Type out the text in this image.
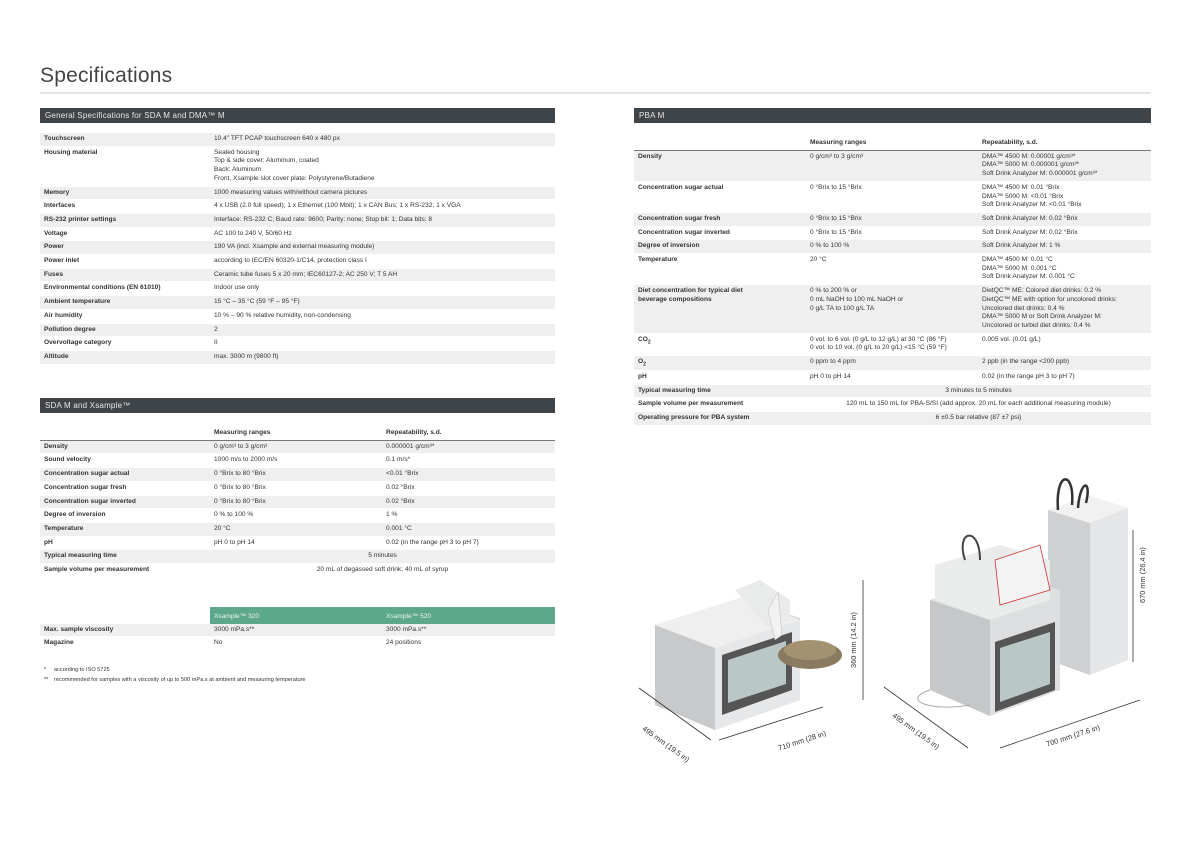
Specifications
General Specifications for SDA M and DMA™ M
Touchscreen	10.4" TFT PCAP touchscreen 640 x 480 px
Housing material	Sealed housing
Top & side cover: Aluminum, coated
Back: Aluminum
Front, Xsample slot cover plate: Polystyrene/Butadiene
Memory	1000 measuring values with/without camera pictures
Interfaces	4 x USB (2.0 full speed); 1 x Ethernet (100 Mbit); 1 x CAN Bus; 1 x RS-232; 1 x VGA
RS-232 printer settings	Interface: RS-232 C; Baud rate: 9600; Parity: none; Stop bit: 1; Data bits: 8
Voltage	AC 100 to 240 V, 50/60 Hz
Power	190 VA (incl. Xsample and external measuring module)
Power inlet	according to IEC/EN 60320-1/C14, protection class I
Fuses	Ceramic tube fuses 5 x 20 mm; IEC60127-2; AC 250 V; T 5 AH
Environmental conditions (EN 61010)	Indoor use only
Ambient temperature	15 °C – 35 °C (59 °F – 95 °F)
Air humidity	10 % – 90 % relative humidity, non-condensing
Pollution degree	2
Overvoltage category	II
Altitude	max. 3000 m (9800 ft)
SDA M and Xsample™
	Measuring ranges	Repeatability, s.d.
Density	0 g/cm³ to 3 g/cm³	0.000001 g/cm³*
Sound velocity	1000 m/s to 2000 m/s	0.1 m/s*
Concentration sugar actual	0 °Brix to 80 °Brix	<0.01 °Brix
Concentration sugar fresh	0 °Brix to 80 °Brix	0.02 °Brix
Concentration sugar inverted	0 °Brix to 80 °Brix	0.02 °Brix
Degree of inversion	0 % to 100 %	1 %
Temperature	20 °C	0.001 °C
pH	pH 0 to pH 14	0.02 (in the range pH 3 to pH 7)
Typical measuring time	5 minutes	
Sample volume per measurement	20 mL of degassed soft drink; 40 mL of syrup	
	Xsample™ 320	Xsample™ 520
Max. sample viscosity	3000 mPa.s**	3000 mPa.s**
Magazine	No	24 positions
* according to ISO 5725
** recommended for samples with a viscosity of up to 500 mPa.s at ambient and measuring temperature
PBA M
	Measuring ranges	Repeatability, s.d.
Density	0 g/cm³ to 3 g/cm³	DMA™ 4500 M: 0.00001 g/cm³*
DMA™ 5000 M: 0.000001 g/cm³*
Soft Drink Analyzer M: 0.000001 g/cm³*
Concentration sugar actual	0 °Brix to 15 °Brix	DMA™ 4500 M: 0.01 °Brix
DMA™ 5000 M: <0.01 °Brix
Soft Drink Analyzer M: <0.01 °Brix
Concentration sugar fresh	0 °Brix to 15 °Brix	Soft Drink Analyzer M: 0.02 °Brix
Concentration sugar inverted	0 °Brix to 15 °Brix	Soft Drink Analyzer M: 0.02 °Brix
Degree of inversion	0 % to 100 %	Soft Drink Analyzer M: 1 %
Temperature	20 °C	DMA™ 4500 M: 0.01 °C
DMA™ 5000 M: 0.001 °C
Soft Drink Analyzer M: 0.001 °C
Diet concentration for typical diet
beverage compositions	0 % to 200 % or
0 mL NaOH to 100 mL NaOH or
0 g/L TA to 100 g/L TA	DietQC™ ME: Colored diet drinks: 0.2 %
DietQC™ ME with option for uncolored drinks:
Uncolored diet drinks: 0.4 %
DMA™ 5000 M or Soft Drink Analyzer M:
Uncolored or turbid diet drinks: 0.4 %
$CO_2$	0 vol. to 6 vol. (0 g/L to 12 g/L) at 30 °C (86 °F)
0 vol. to 10 vol. (0 g/L to 20 g/L) <15 °C (59 °F)	0.005 vol. (0.01 g/L)
$O_2$	0 ppm to 4 ppm	2 ppb (in the range <200 ppb)
pH	pH 0 to pH 14	0.02 (in the range pH 3 to pH 7)
Typical measuring time	3 minutes to 5 minutes	
Sample volume per measurement	120 mL to 150 mL for PBA-S/SI (add approx. 20 mL for each additional measuring module)	
Operating pressure for PBA system	6 ±0.5 bar relative (87 ±7 psi)	
495 mm (19.5 in)	710 mm (28 in)
360 mm (14.2 in)
495 mm (19.5 in)	700 mm (27.6 in)
670 mm (26.4 in)
